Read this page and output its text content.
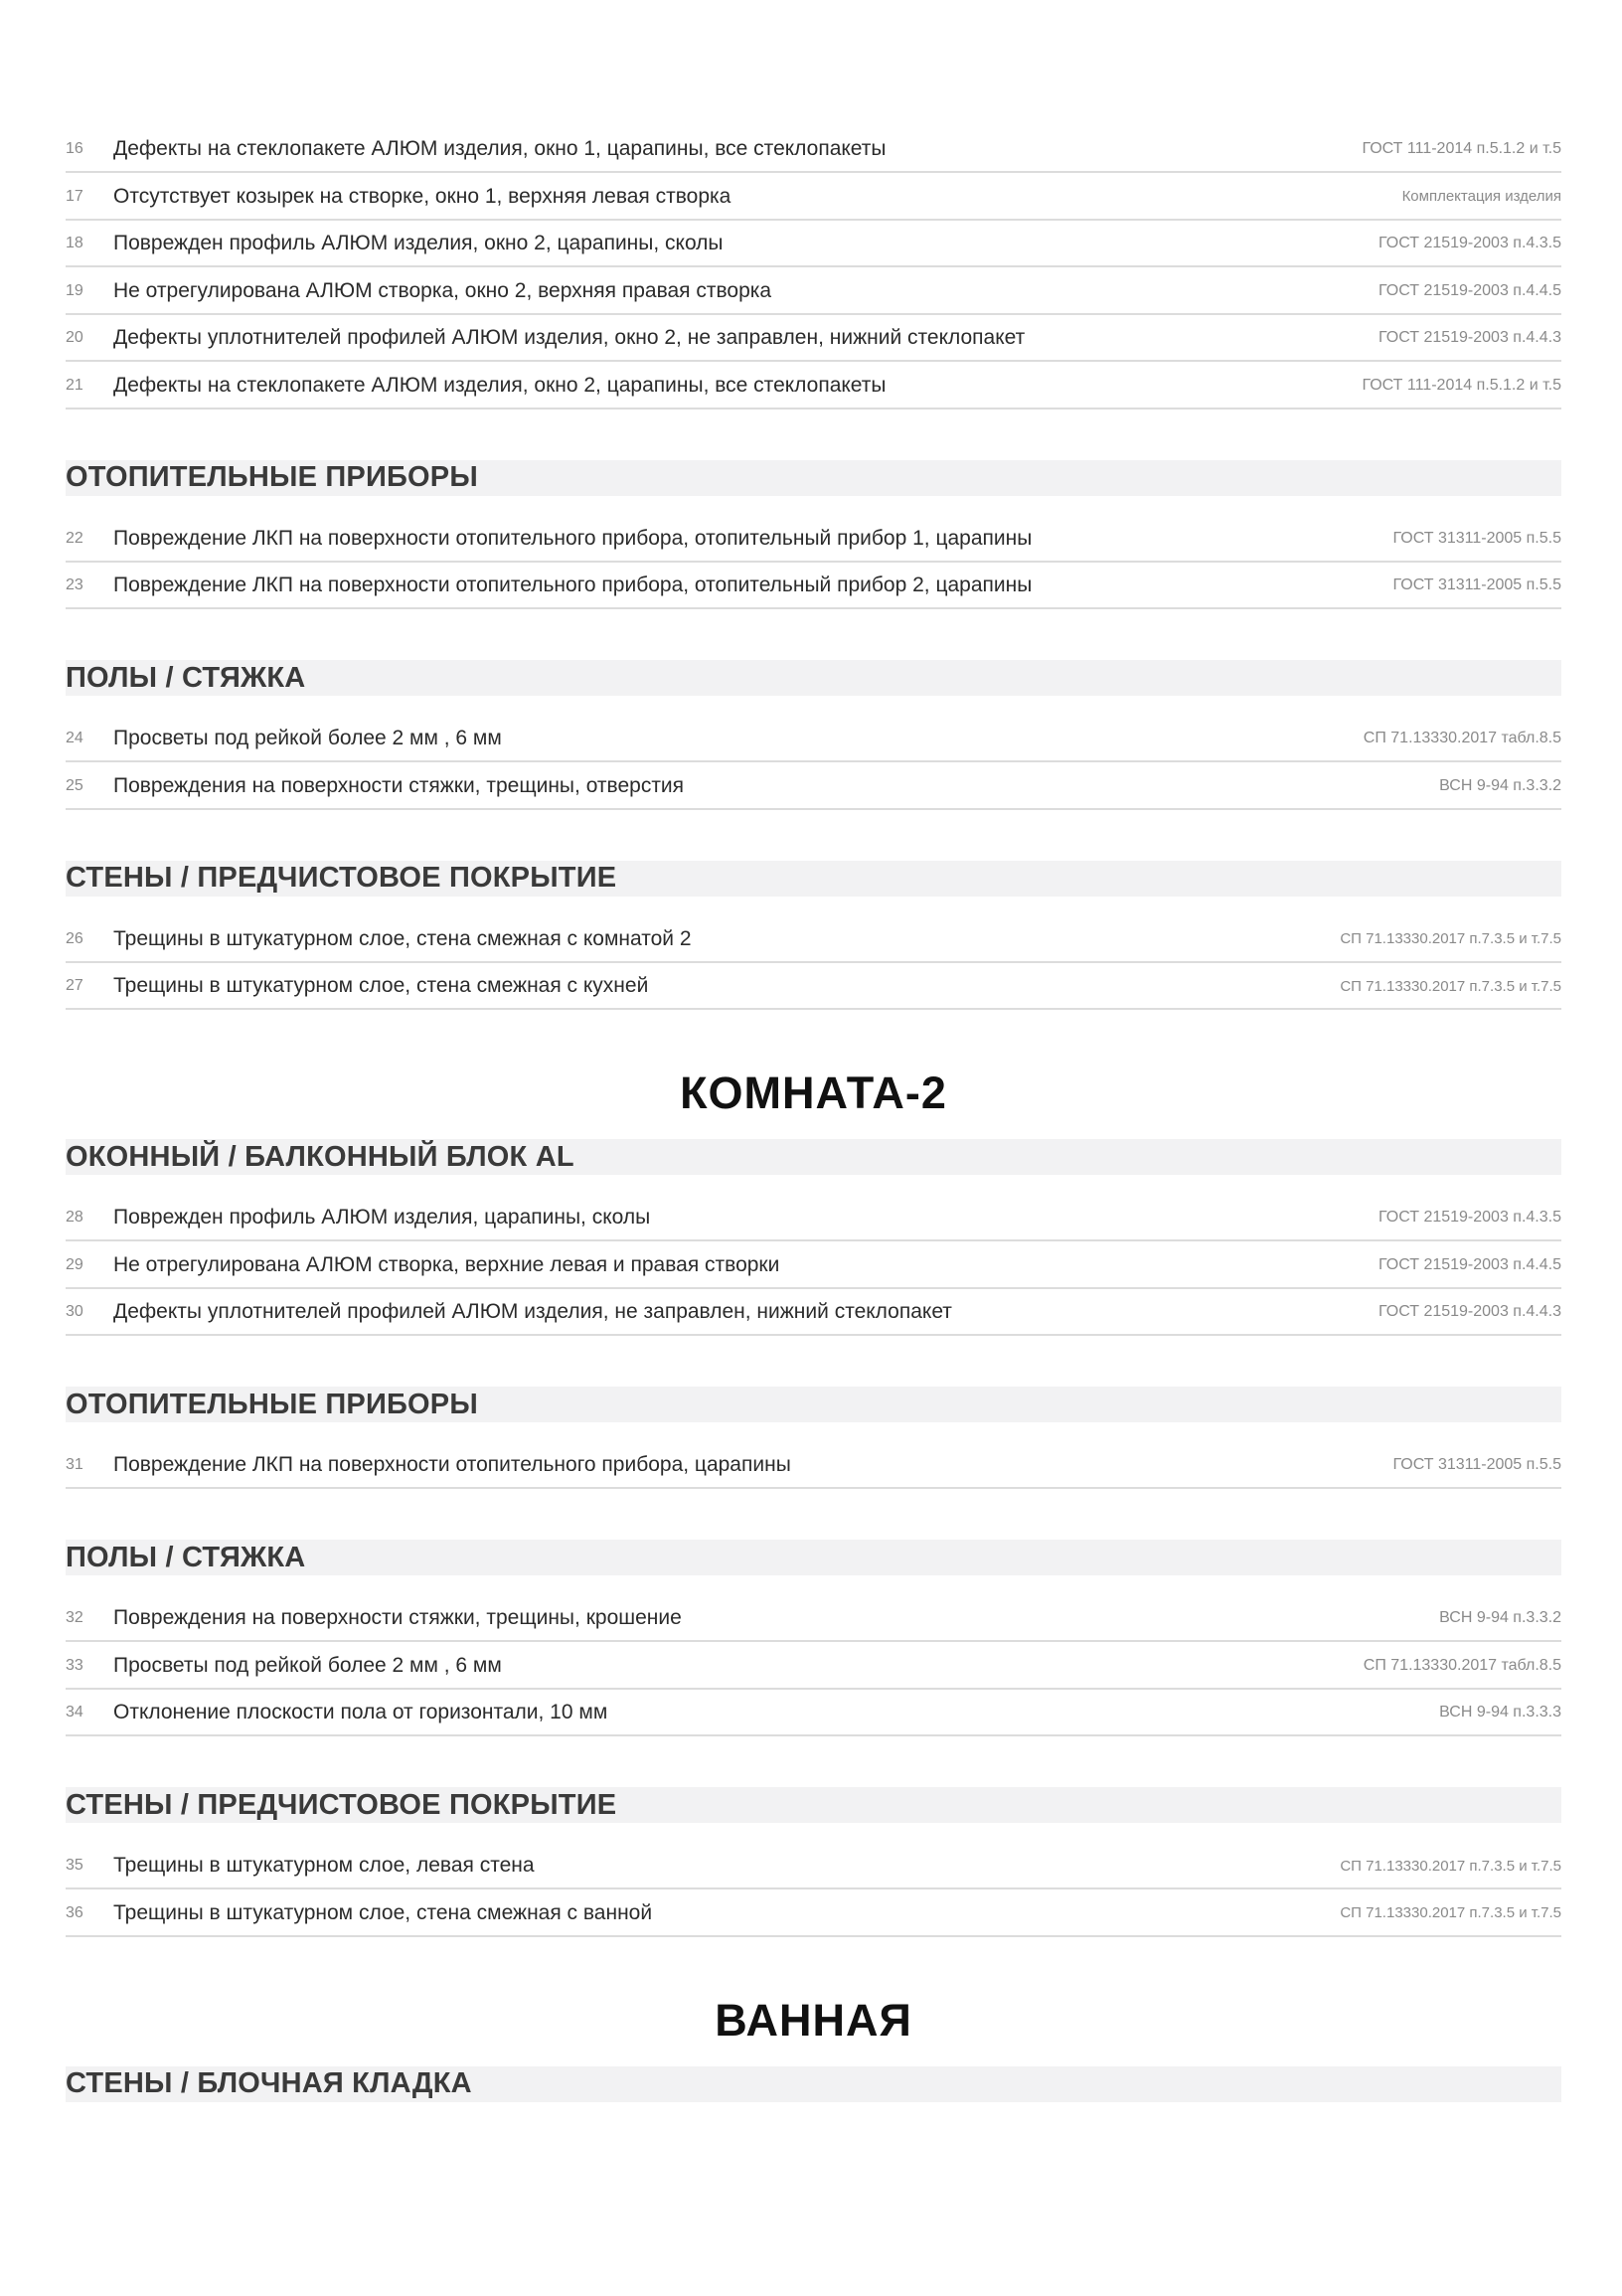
16	Дефекты на стеклопакете АЛЮМ изделия, окно 1, царапины, все стеклопакеты	ГОСТ 111-2014 п.5.1.2 и т.5
17	Отсутствует козырек на створке, окно 1, верхняя левая створка	Комплектация изделия
18	Поврежден профиль АЛЮМ изделия, окно 2, царапины, сколы	ГОСТ 21519-2003 п.4.3.5
19	Не отрегулирована АЛЮМ створка, окно 2, верхняя правая створка	ГОСТ 21519-2003 п.4.4.5
20	Дефекты уплотнителей профилей АЛЮМ изделия, окно 2, не заправлен, нижний стеклопакет	ГОСТ 21519-2003 п.4.4.3
21	Дефекты на стеклопакете АЛЮМ изделия, окно 2, царапины, все стеклопакеты	ГОСТ 111-2014 п.5.1.2 и т.5
ОТОПИТЕЛЬНЫЕ ПРИБОРЫ
22	Повреждение ЛКП на поверхности отопительного прибора, отопительный прибор 1, царапины	ГОСТ 31311-2005 п.5.5
23	Повреждение ЛКП на поверхности отопительного прибора, отопительный прибор 2, царапины	ГОСТ 31311-2005 п.5.5
ПОЛЫ / СТЯЖКА
24	Просветы под рейкой более 2 мм , 6 мм	СП 71.13330.2017 табл.8.5
25	Повреждения на поверхности стяжки, трещины, отверстия	ВСН 9-94 п.3.3.2
СТЕНЫ / ПРЕДЧИСТОВОЕ ПОКРЫТИЕ
26	Трещины в штукатурном слое, стена смежная с комнатой 2	СП 71.13330.2017 п.7.3.5 и т.7.5
27	Трещины в штукатурном слое, стена смежная с кухней	СП 71.13330.2017 п.7.3.5 и т.7.5
КОМНАТА-2
ОКОННЫЙ / БАЛКОННЫЙ БЛОК AL
28	Поврежден профиль АЛЮМ изделия, царапины, сколы	ГОСТ 21519-2003 п.4.3.5
29	Не отрегулирована АЛЮМ створка, верхние левая и правая створки	ГОСТ 21519-2003 п.4.4.5
30	Дефекты уплотнителей профилей АЛЮМ изделия, не заправлен, нижний стеклопакет	ГОСТ 21519-2003 п.4.4.3
ОТОПИТЕЛЬНЫЕ ПРИБОРЫ
31	Повреждение ЛКП на поверхности отопительного прибора, царапины	ГОСТ 31311-2005 п.5.5
ПОЛЫ / СТЯЖКА
32	Повреждения на поверхности стяжки, трещины, крошение	ВСН 9-94 п.3.3.2
33	Просветы под рейкой более 2 мм , 6 мм	СП 71.13330.2017 табл.8.5
34	Отклонение плоскости пола от горизонтали, 10 мм	ВСН 9-94 п.3.3.3
СТЕНЫ / ПРЕДЧИСТОВОЕ ПОКРЫТИЕ
35	Трещины в штукатурном слое, левая стена	СП 71.13330.2017 п.7.3.5 и т.7.5
36	Трещины в штукатурном слое, стена смежная с ванной	СП 71.13330.2017 п.7.3.5 и т.7.5
ВАННАЯ
СТЕНЫ / БЛОЧНАЯ КЛАДКА
